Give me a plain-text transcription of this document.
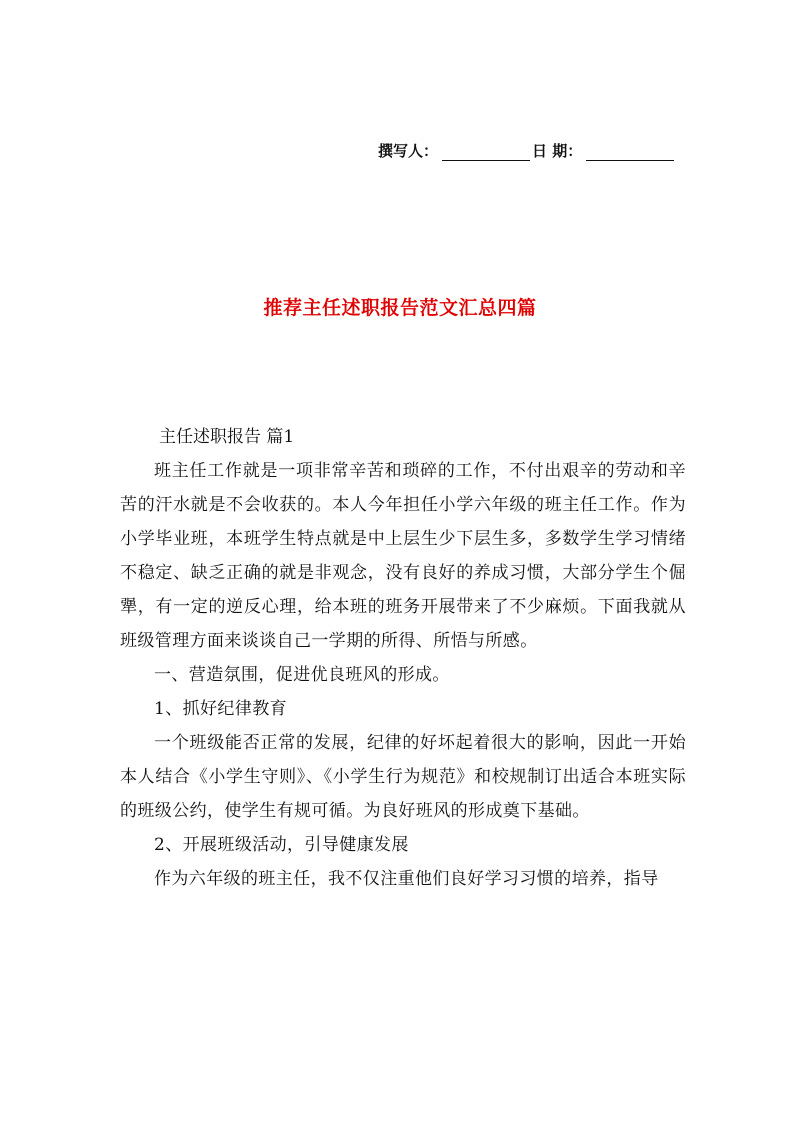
撰写人：	日 期：
推荐主任述职报告范文汇总四篇

主任述职报告 篇1

班主任工作就是一项非常辛苦和琐碎的工作，不付出艰辛的劳动和辛苦的汗水就是不会收获的。本人今年担任小学六年级的班主任工作。作为小学毕业班，本班学生特点就是中上层生少下层生多，多数学生学习情绪不稳定、缺乏正确的就是非观念，没有良好的养成习惯，大部分学生个倔犟，有一定的逆反心理，给本班的班务开展带来了不少麻烦。下面我就从班级管理方面来谈谈自己一学期的所得、所悟与所感。

一、营造氛围，促进优良班风的形成。

1、抓好纪律教育

一个班级能否正常的发展，纪律的好坏起着很大的影响，因此一开始本人结合《小学生守则》、《小学生行为规范》和校规制订出适合本班实际的班级公约，使学生有规可循。为良好班风的形成奠下基础。

2、开展班级活动，引导健康发展

作为六年级的班主任，我不仅注重他们良好学习习惯的培养，指导
